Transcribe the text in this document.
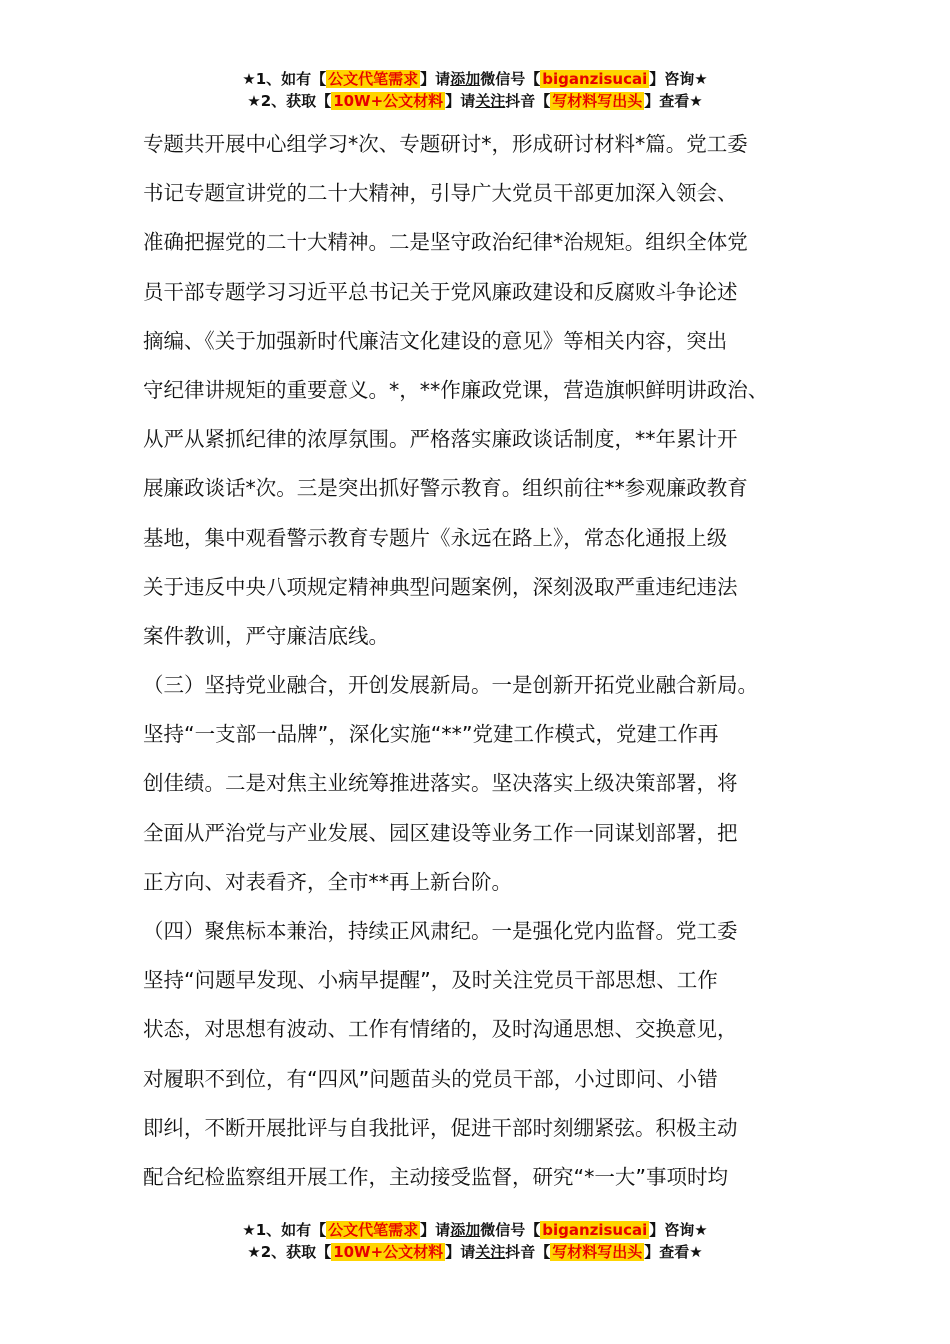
★1、如有【 公文代笔需求 】请添加微信号【 biganzisucai 】咨询★
★2、获取【 10W+公文材料 】请关注抖音【 写材料写出头 】查看★
专题共开展中心组学习*次、专题研讨*，形成研讨材料*篇。党工委
书记专题宣讲党的二十大精神，引导广大党员干部更加深入领会、
准确把握党的二十大精神。二是坚守政治纪律*治规矩。组织全体党
员干部专题学习习近平总书记关于党风廉政建设和反腐败斗争论述
摘编、《关于加强新时代廉洁文化建设的意见》等相关内容，突出
守纪律讲规矩的重要意义。*，**作廉政党课，营造旗帜鲜明讲政治、
从严从紧抓纪律的浓厚氛围。严格落实廉政谈话制度，**年累计开
展廉政谈话*次。三是突出抓好警示教育。组织前往**参观廉政教育
基地，集中观看警示教育专题片《永远在路上》，常态化通报上级
关于违反中央八项规定精神典型问题案例，深刻汲取严重违纪违法
案件教训，严守廉洁底线。
（三）坚持党业融合，开创发展新局。一是创新开拓党业融合新局。
坚持“一支部一品牌”，深化实施“**”党建工作模式，党建工作再
创佳绩。二是对焦主业统筹推进落实。坚决落实上级决策部署，将
全面从严治党与产业发展、园区建设等业务工作一同谋划部署，把
正方向、对表看齐，全市**再上新台阶。
（四）聚焦标本兼治，持续正风肃纪。一是强化党内监督。党工委
坚持“问题早发现、小病早提醒”，及时关注党员干部思想、工作
状态，对思想有波动、工作有情绪的，及时沟通思想、交换意见，
对履职不到位，有“四风”问题苗头的党员干部，小过即问、小错
即纠，不断开展批评与自我批评，促进干部时刻绷紧弦。积极主动
配合纪检监察组开展工作，主动接受监督，研究“*一大”事项时均
★1、如有【 公文代笔需求 】请添加微信号【 biganzisucai 】咨询★
★2、获取【 10W+公文材料 】请关注抖音【 写材料写出头 】查看★
